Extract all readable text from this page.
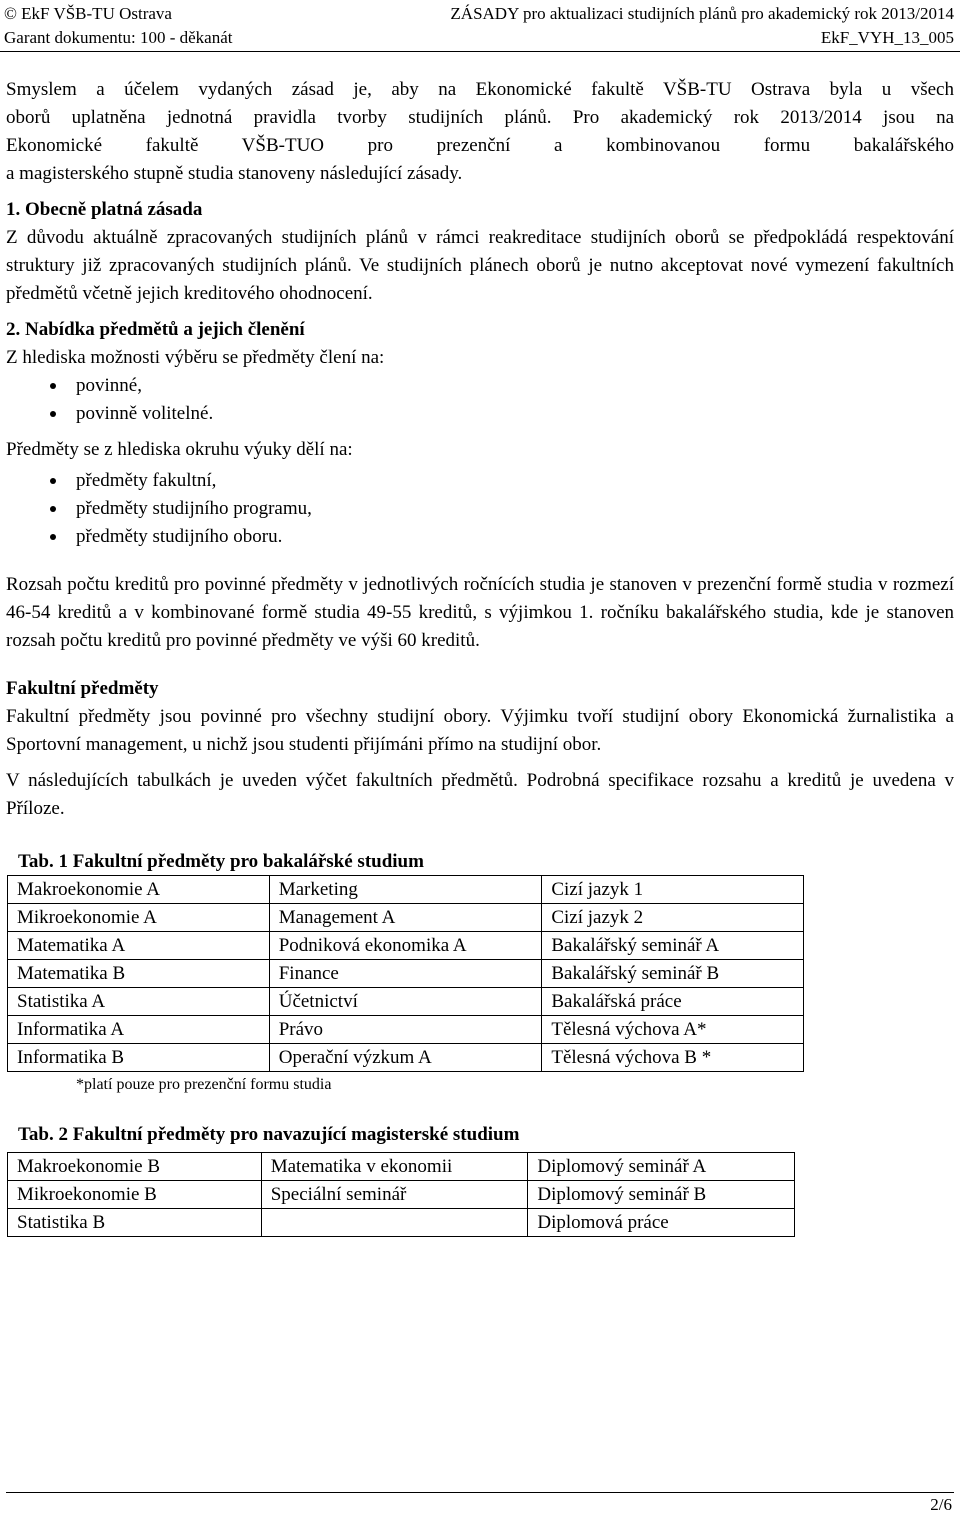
© EkF VŠB-TU Ostrava	ZÁSADY pro aktualizaci studijních plánů pro akademický rok 2013/2014
Garant dokumentu: 100 - děkanát	EkF_VYH_13_005

Smyslem a účelem vydaných zásad je, aby na Ekonomické fakultě VŠB-TU Ostrava byla u všech

oborů uplatněna jednotná pravidla tvorby studijních plánů. Pro akademický rok 2013/2014 jsou na

Ekonomické fakultě VŠB-TUO pro prezenční a kombinovanou formu bakalářského

a magisterského stupně studia stanoveny následující zásady.

1. Obecně platná zásada

Z důvodu aktuálně zpracovaných studijních plánů v rámci reakreditace studijních oborů se předpokládá respektování struktury již zpracovaných studijních plánů. Ve studijních plánech oborů je nutno akceptovat nové vymezení fakultních předmětů včetně jejich kreditového ohodnocení.

2. Nabídka předmětů a jejich členění

Z hlediska možnosti výběru se předměty člení na:

povinné,
povinně volitelné.

Předměty se z hlediska okruhu výuky dělí na:

předměty fakultní,
předměty studijního programu,
předměty studijního oboru.

Rozsah počtu kreditů pro povinné předměty v jednotlivých ročnících studia je stanoven v prezenční formě studia v rozmezí 46-54 kreditů a v kombinované formě studia 49-55 kreditů, s výjimkou 1. ročníku bakalářského studia, kde je stanoven rozsah počtu kreditů pro povinné předměty ve výši 60 kreditů.

Fakultní předměty

Fakultní předměty jsou povinné pro všechny studijní obory. Výjimku tvoří studijní obory Ekonomická žurnalistika a Sportovní management, u nichž jsou studenti přijímáni přímo na studijní obor.

V následujících tabulkách je uveden výčet fakultních předmětů. Podrobná specifikace rozsahu a kreditů je uvedena v Příloze.

Tab. 1 Fakultní předměty pro bakalářské studium
Makroekonomie A	Marketing	Cizí jazyk 1
Mikroekonomie A	Management A	Cizí jazyk 2
Matematika A	Podniková ekonomika A	Bakalářský seminář A
Matematika B	Finance	Bakalářský seminář B
Statistika A	Účetnictví	Bakalářská práce
Informatika A	Právo	Tělesná výchova A*
Informatika B	Operační výzkum A	Tělesná výchova B *
*platí pouze pro prezenční formu studia
Tab. 2 Fakultní předměty pro navazující magisterské studium
Makroekonomie B	Matematika v ekonomii	Diplomový seminář A
Mikroekonomie B	Speciální seminář	Diplomový seminář B
Statistika B		Diplomová práce
2/6
